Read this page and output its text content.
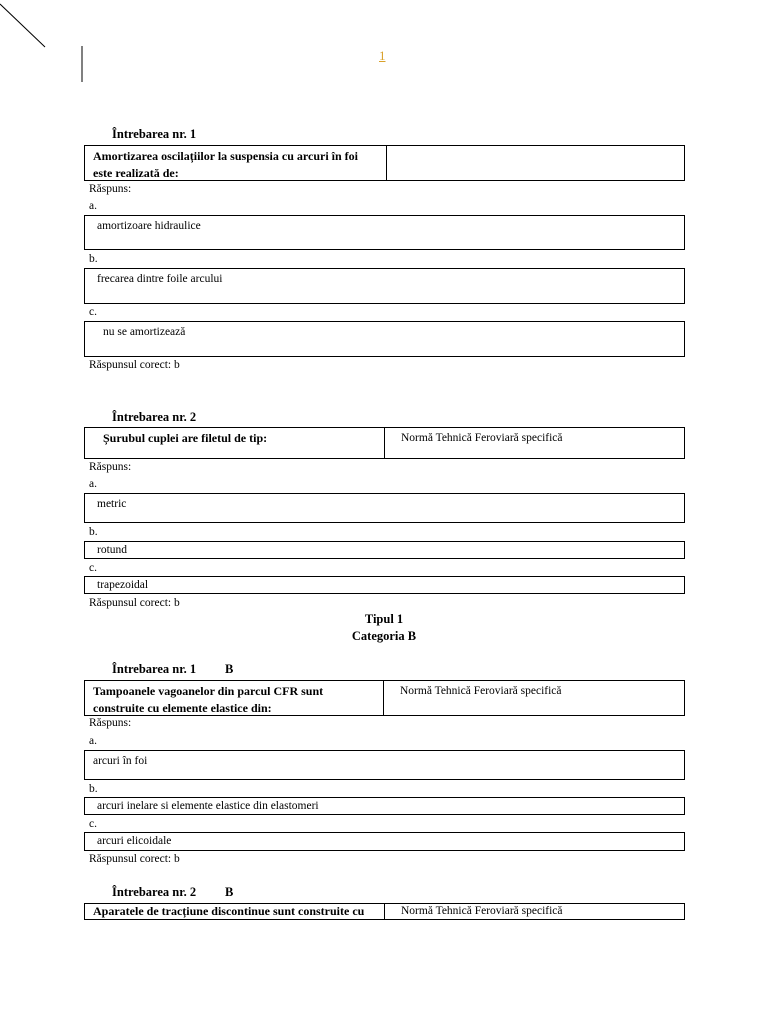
1
Întrebarea nr. 1
Amortizarea oscilațiilor la suspensia cu arcuri în foi este realizată de:
Răspuns:
a.
amortizoare hidraulice
b.
frecarea dintre foile arcului
c.
nu se amortizează
Răspunsul corect: b
Întrebarea nr. 2
Șurubul cuplei are filetul de tip:	Normă Tehnică Feroviară specifică
Răspuns:
a.
metric
b.
rotund
c.
trapezoidal
Răspunsul corect: b
Tipul 1
Categoria B
Întrebarea nr. 1 B
Tampoanele vagoanelor din parcul CFR sunt construite cu elemente elastice din:
Normă Tehnică Feroviară specifică
Răspuns:
a.
arcuri în foi
b.
arcuri inelare si elemente elastice din elastomeri
c.
arcuri elicoidale
Răspunsul corect: b
Întrebarea nr. 2 B
Aparatele de tracțiune discontinue sunt construite cu	Normă Tehnică Feroviară specifică
